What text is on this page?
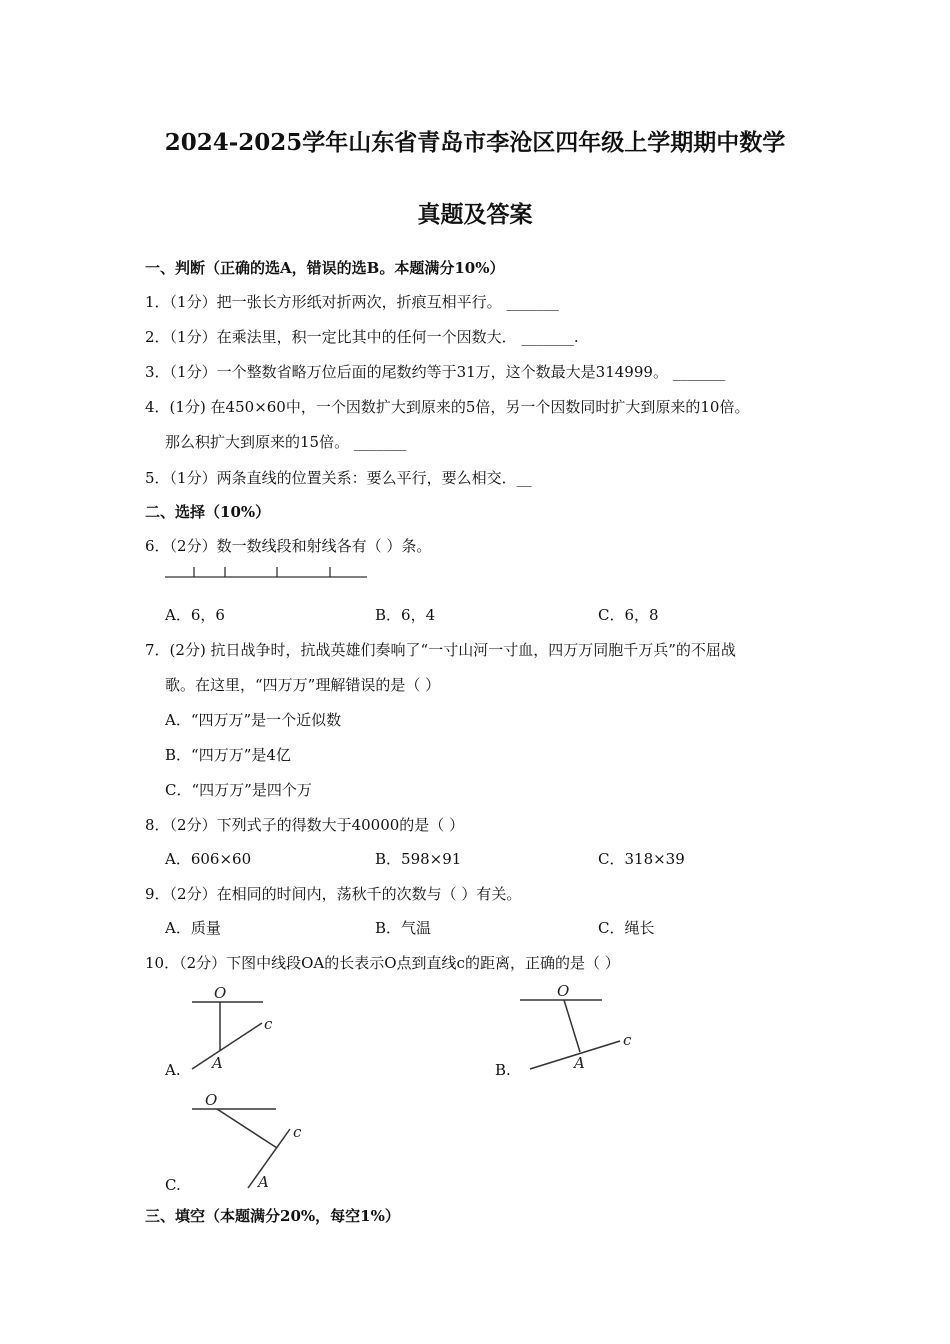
2024-2025学年山东省青岛市李沧区四年级上学期期中数学
真题及答案
一、判断（正确的选A，错误的选B。本题满分10%）
1．（1分）把一张长方形纸对折两次，折痕互相平行。 _______
2．（1分）在乘法里，积一定比其中的任何一个因数大． _______.
3．（1分）一个整数省略万位后面的尾数约等于31万，这个数最大是314999。 _______
4．(1分) 在450×60中，一个因数扩大到原来的5倍，另一个因数同时扩大到原来的10倍。
那么积扩大到原来的15倍。 _______
5．（1分）两条直线的位置关系：要么平行，要么相交．__
二、选择（10%）
6．（2分）数一数线段和射线各有（ ）条。
A．6，6	B．6，4	C．6，8
7．(2分) 抗日战争时，抗战英雄们奏响了“一寸山河一寸血，四万万同胞千万兵”的不屈战
歌。在这里，“四万万”理解错误的是（ ）
A．“四万万”是一个近似数
B．“四万万”是4亿
C．“四万万”是四个万
8．（2分）下列式子的得数大于40000的是（ ）
A．606×60	B．598×91	C．318×39
9．（2分）在相同的时间内，荡秋千的次数与（ ）有关。
A．质量	B．气温	C．绳长
10．（2分）下图中线段OA的长表示O点到直线c的距离，正确的是（ ）
A.	B.
C.
O
A
c
O
A
c
O
A
c
三、填空（本题满分20%，每空1%）
